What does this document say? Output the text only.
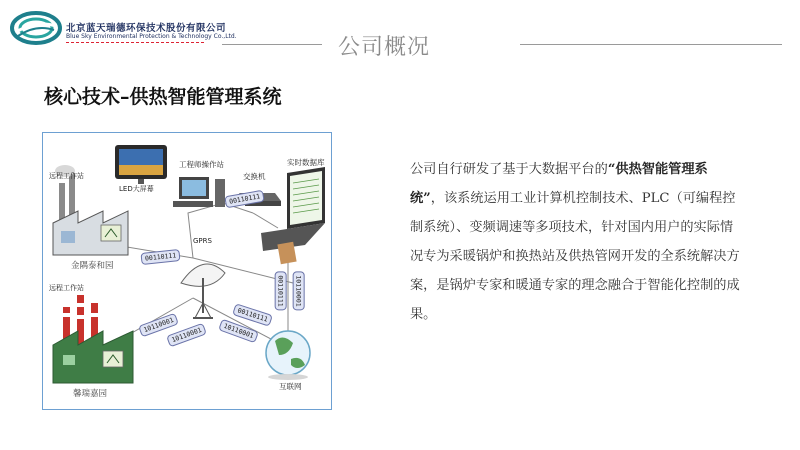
北京蓝天瑞德环保技术股份有限公司
Blue Sky Environmental Protection & Technology Co.,Ltd.	公司概况
核心技术–供热智能管理系统
LED大屏幕
工程师操作站
交换机
实时数据库
远程工作站
远程工作站
GPRS
互联网
金隅泰和园
馨瑞嘉园
00110111
00110111
10110001	10110001
00110111
10110001
00110111
10110001
公司自行研发了基于大数据平台的“供热智能管理系统”，该系统运用工业计算机控制技术、PLC（可编程控制系统）、变频调速等多项技术，针对国内用户的实际情况专为采暖锅炉和换热站及供热管网开发的全系统解决方案，是锅炉专家和暖通专家的理念融合于智能化控制的成果。
